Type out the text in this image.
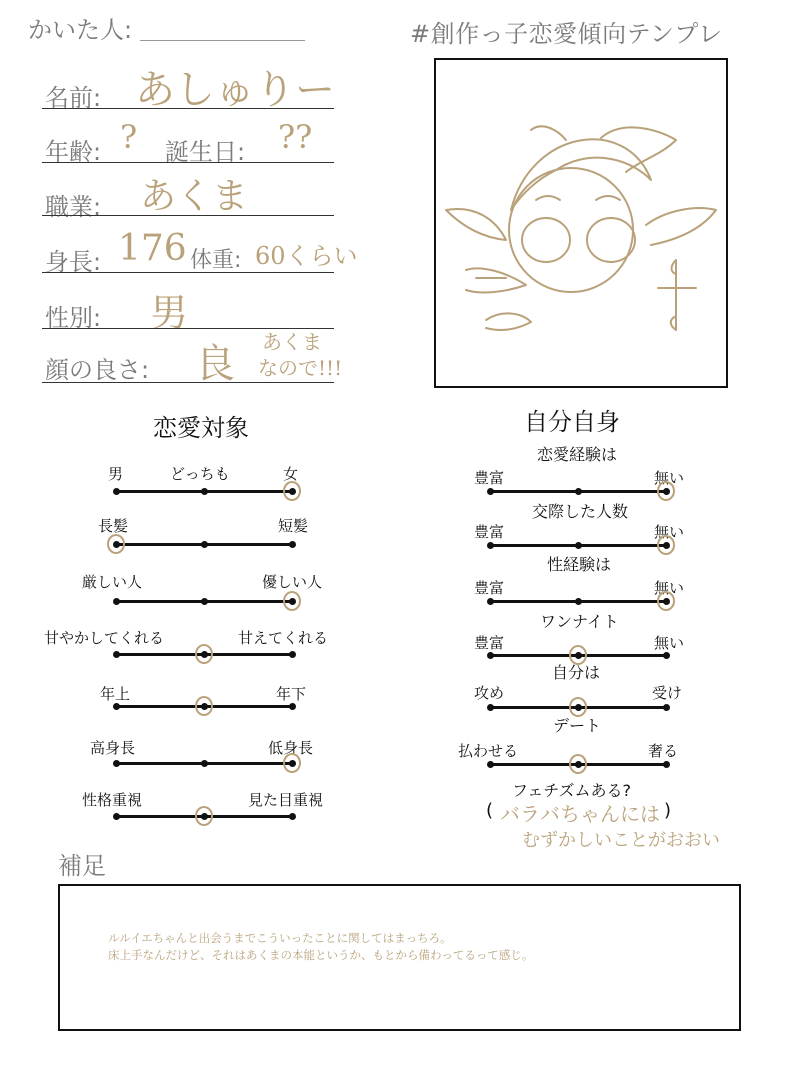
かいた人:	#創作っ子恋愛傾向テンプレ
名前: あしゅりー
年齢: ? 誕生日: ??
職業: あくま
身長: 176 体重: 60くらい
性別: 男
顔の良さ: 良 あくま
なので!!!
恋愛対象	自分自身
男	どっちも	女
長髪	短髪
厳しい人	優しい人
甘やかしてくれる	甘えてくれる
年上	年下
高身長	低身長
性格重視	見た目重視
恋愛経験は
豊富	無い
交際した人数
豊富	無い
性経験は
豊富	無い
ワンナイト
豊富	無い
自分は
攻め	受け
デート
払わせる	奢る
フェチズムある?
( バラバちゃんには )
むずかしいことがおおい
補足
ルルイエちゃんと出会うまでこういったことに関してはまっちろ。
床上手なんだけど、それはあくまの本能というか、もとから備わってるって感じ。
